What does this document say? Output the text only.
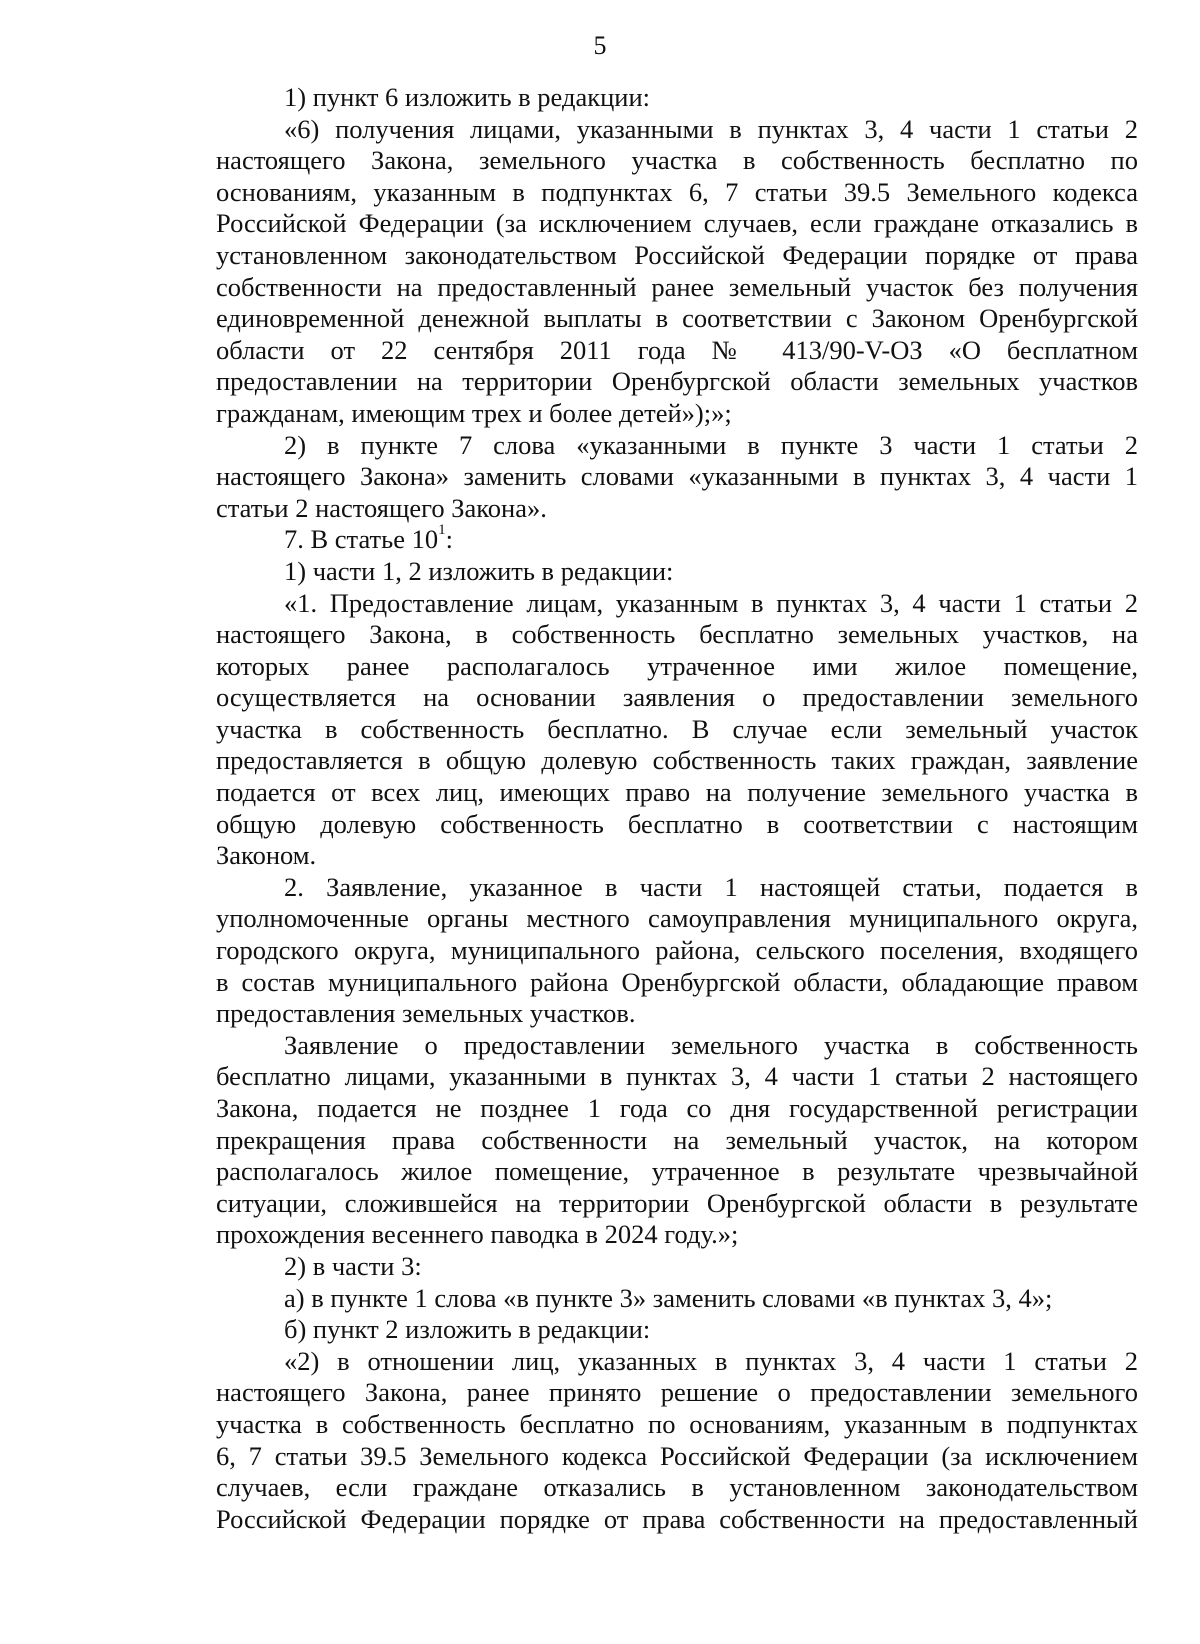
5
1) пункт 6 изложить в редакции:
«6) получения лицами, указанными в пунктах 3, 4 части 1 статьи 2
настоящего Закона, земельного участка в собственность бесплатно по
основаниям, указанным в подпунктах 6, 7 статьи 39.5 Земельного кодекса
Российской Федерации (за исключением случаев, если граждане отказались в
установленном законодательством Российской Федерации порядке от права
собственности на предоставленный ранее земельный участок без получения
единовременной денежной выплаты в соответствии с Законом Оренбургской
области от 22 сентября 2011 года № 413/90-V-ОЗ «О бесплатном
предоставлении на территории Оренбургской области земельных участков
гражданам, имеющим трех и более детей»);»;
2) в пункте 7 слова «указанными в пункте 3 части 1 статьи 2
настоящего Закона» заменить словами «указанными в пунктах 3, 4 части 1
статьи 2 настоящего Закона».
7. В статье $10^1$:
1) части 1, 2 изложить в редакции:
«1. Предоставление лицам, указанным в пунктах 3, 4 части 1 статьи 2
настоящего Закона, в собственность бесплатно земельных участков, на
которых ранее располагалось утраченное ими жилое помещение,
осуществляется на основании заявления о предоставлении земельного
участка в собственность бесплатно. В случае если земельный участок
предоставляется в общую долевую собственность таких граждан, заявление
подается от всех лиц, имеющих право на получение земельного участка в
общую долевую собственность бесплатно в соответствии с настоящим
Законом.
2. Заявление, указанное в части 1 настоящей статьи, подается в
уполномоченные органы местного самоуправления муниципального округа,
городского округа, муниципального района, сельского поселения, входящего
в состав муниципального района Оренбургской области, обладающие правом
предоставления земельных участков.
Заявление о предоставлении земельного участка в собственность
бесплатно лицами, указанными в пунктах 3, 4 части 1 статьи 2 настоящего
Закона, подается не позднее 1 года со дня государственной регистрации
прекращения права собственности на земельный участок, на котором
располагалось жилое помещение, утраченное в результате чрезвычайной
ситуации, сложившейся на территории Оренбургской области в результате
прохождения весеннего паводка в 2024 году.»;
2) в части 3:
а) в пункте 1 слова «в пункте 3» заменить словами «в пунктах 3, 4»;
б) пункт 2 изложить в редакции:
«2) в отношении лиц, указанных в пунктах 3, 4 части 1 статьи 2
настоящего Закона, ранее принято решение о предоставлении земельного
участка в собственность бесплатно по основаниям, указанным в подпунктах
6, 7 статьи 39.5 Земельного кодекса Российской Федерации (за исключением
случаев, если граждане отказались в установленном законодательством
Российской Федерации порядке от права собственности на предоставленный
